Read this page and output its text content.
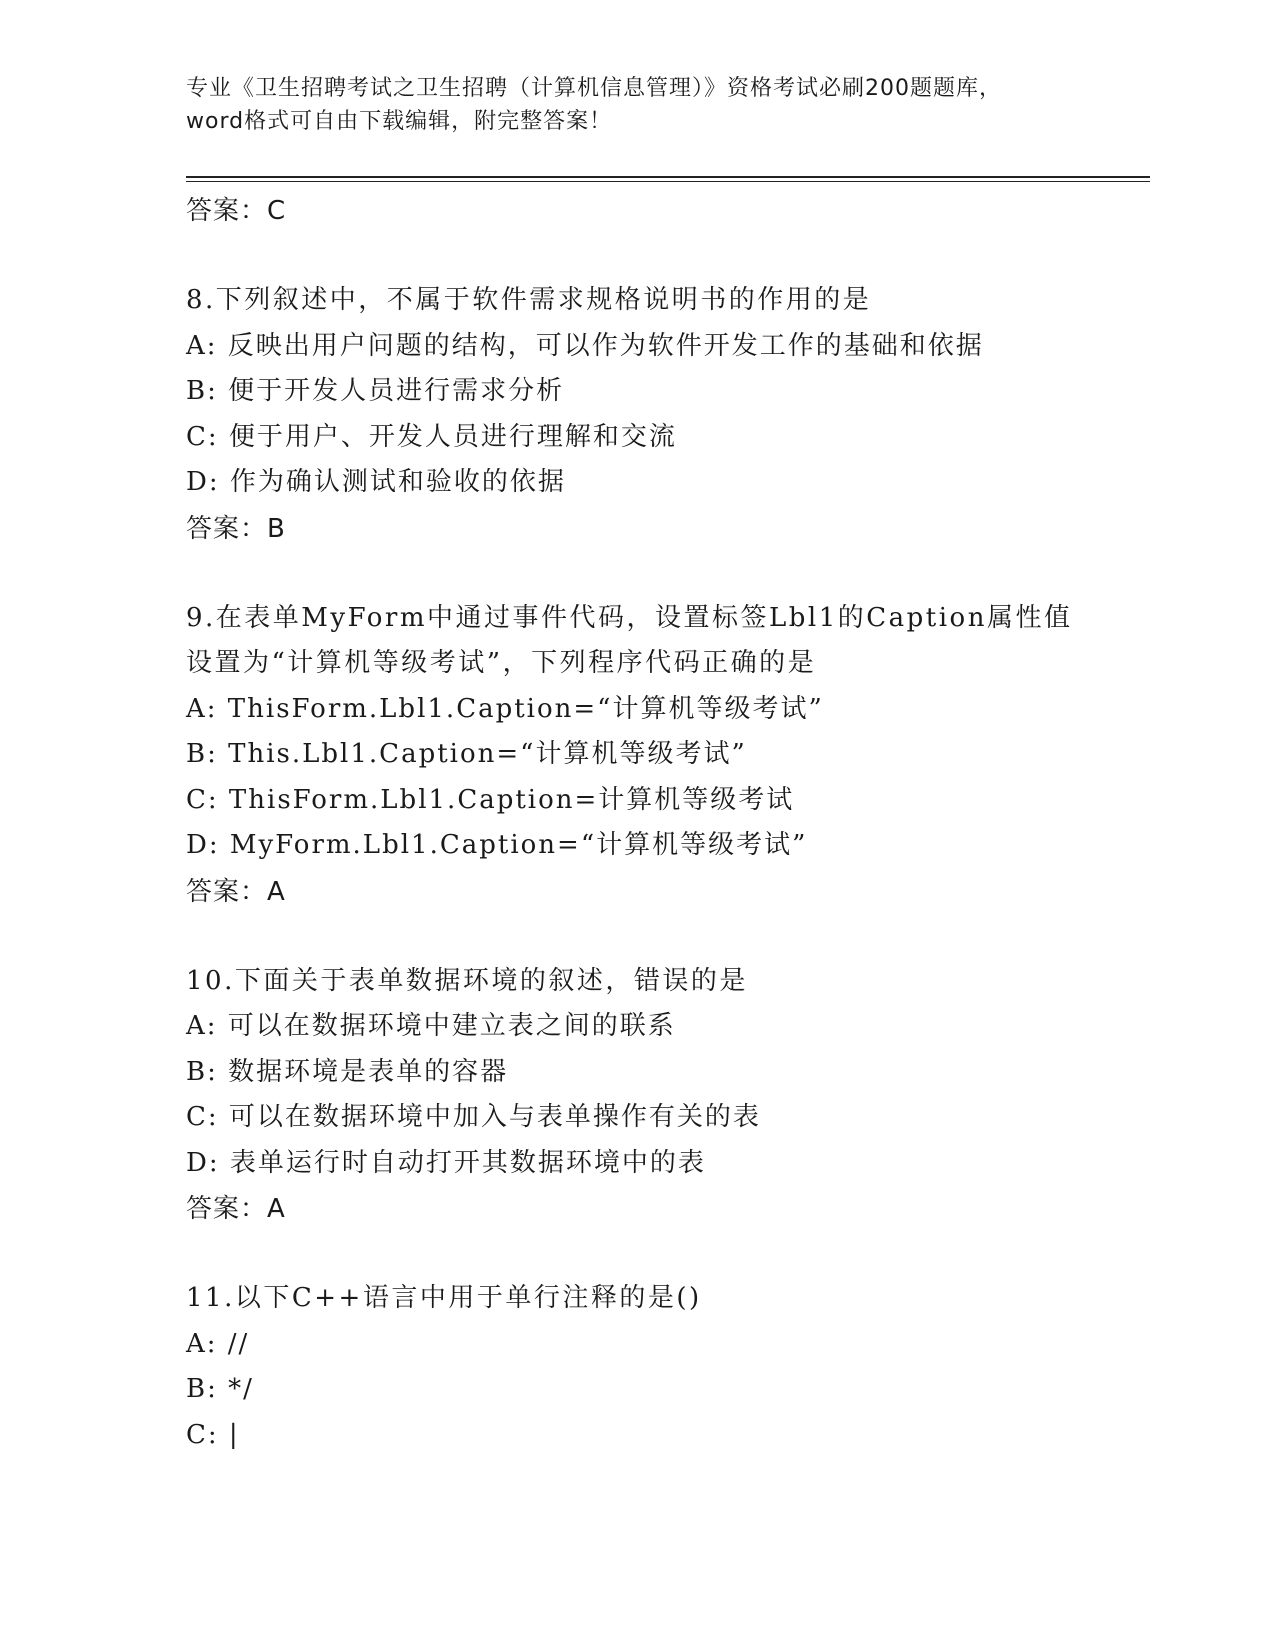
专业《卫生招聘考试之卫生招聘（计算机信息管理）》资格考试必刷200题题库，
word格式可自由下载编辑，附完整答案！
答案：C
8.下列叙述中，不属于软件需求规格说明书的作用的是
A: 反映出用户问题的结构，可以作为软件开发工作的基础和依据
B: 便于开发人员进行需求分析
C: 便于用户、开发人员进行理解和交流
D: 作为确认测试和验收的依据
答案：B
9.在表单MyForm中通过事件代码，设置标签Lbl1的Caption属性值
设置为“计算机等级考试”，下列程序代码正确的是
A: ThisForm.Lbl1.Caption=“计算机等级考试”
B: This.Lbl1.Caption=“计算机等级考试”
C: ThisForm.Lbl1.Caption=计算机等级考试
D: MyForm.Lbl1.Caption=“计算机等级考试”
答案：A
10.下面关于表单数据环境的叙述，错误的是
A: 可以在数据环境中建立表之间的联系
B: 数据环境是表单的容器
C: 可以在数据环境中加入与表单操作有关的表
D: 表单运行时自动打开其数据环境中的表
答案：A
11.以下C++语言中用于单行注释的是()
A: //
B: */
C: |
